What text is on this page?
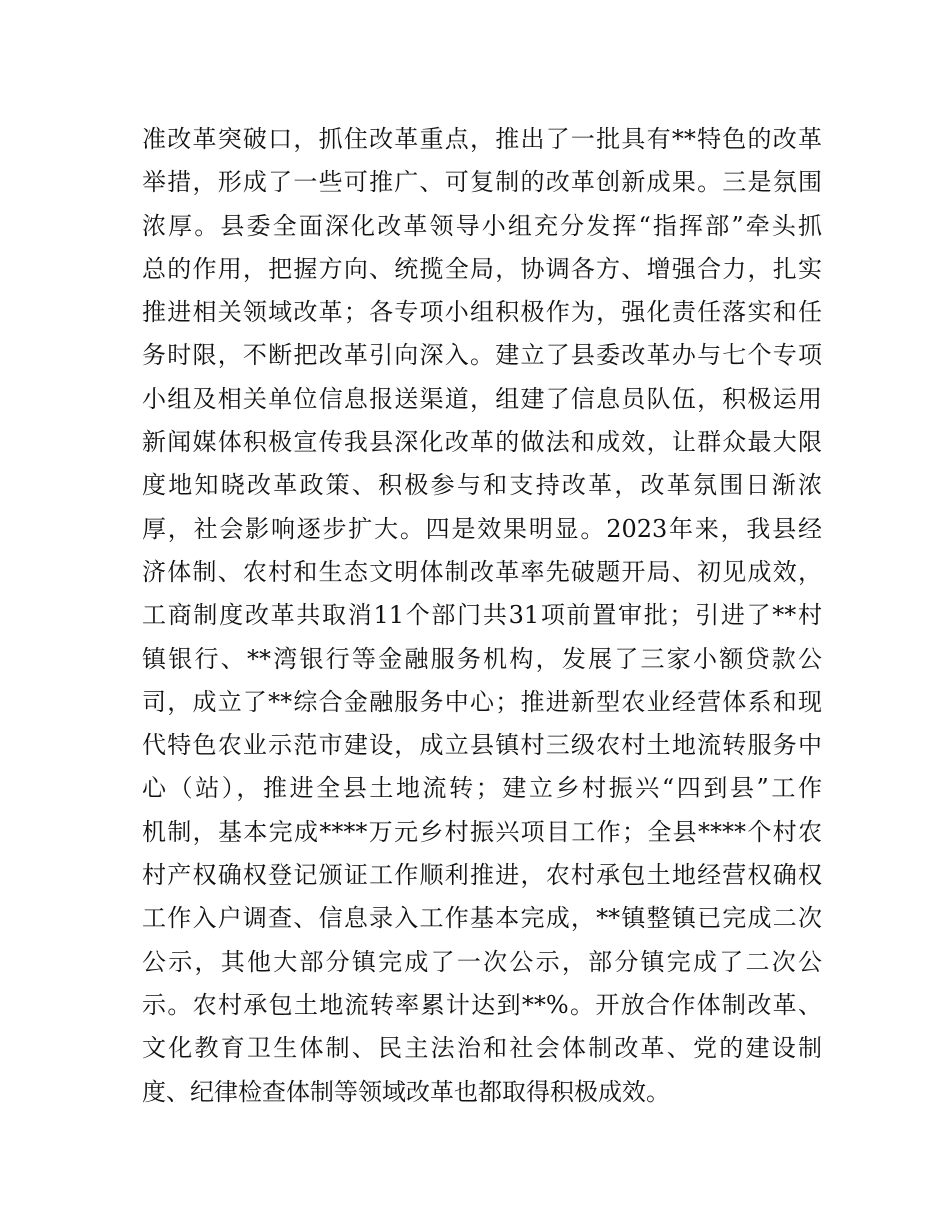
准改革突破口，抓住改革重点，推出了一批具有**特色的改革
举措，形成了一些可推广、可复制的改革创新成果。三是氛围
浓厚。县委全面深化改革领导小组充分发挥“指挥部”牵头抓
总的作用，把握方向、统揽全局，协调各方、增强合力，扎实
推进相关领域改革；各专项小组积极作为，强化责任落实和任
务时限，不断把改革引向深入。建立了县委改革办与七个专项
小组及相关单位信息报送渠道，组建了信息员队伍，积极运用
新闻媒体积极宣传我县深化改革的做法和成效，让群众最大限
度地知晓改革政策、积极参与和支持改革，改革氛围日渐浓
厚，社会影响逐步扩大。四是效果明显。2023年来，我县经
济体制、农村和生态文明体制改革率先破题开局、初见成效，
工商制度改革共取消11个部门共31项前置审批；引进了**村
镇银行、**湾银行等金融服务机构，发展了三家小额贷款公
司，成立了**综合金融服务中心；推进新型农业经营体系和现
代特色农业示范市建设，成立县镇村三级农村土地流转服务中
心（站），推进全县土地流转；建立乡村振兴“四到县”工作
机制，基本完成****万元乡村振兴项目工作；全县****个村农
村产权确权登记颁证工作顺利推进，农村承包土地经营权确权
工作入户调查、信息录入工作基本完成，**镇整镇已完成二次
公示，其他大部分镇完成了一次公示，部分镇完成了二次公
示。农村承包土地流转率累计达到**%。开放合作体制改革、
文化教育卫生体制、民主法治和社会体制改革、党的建设制
度、纪律检查体制等领域改革也都取得积极成效。
